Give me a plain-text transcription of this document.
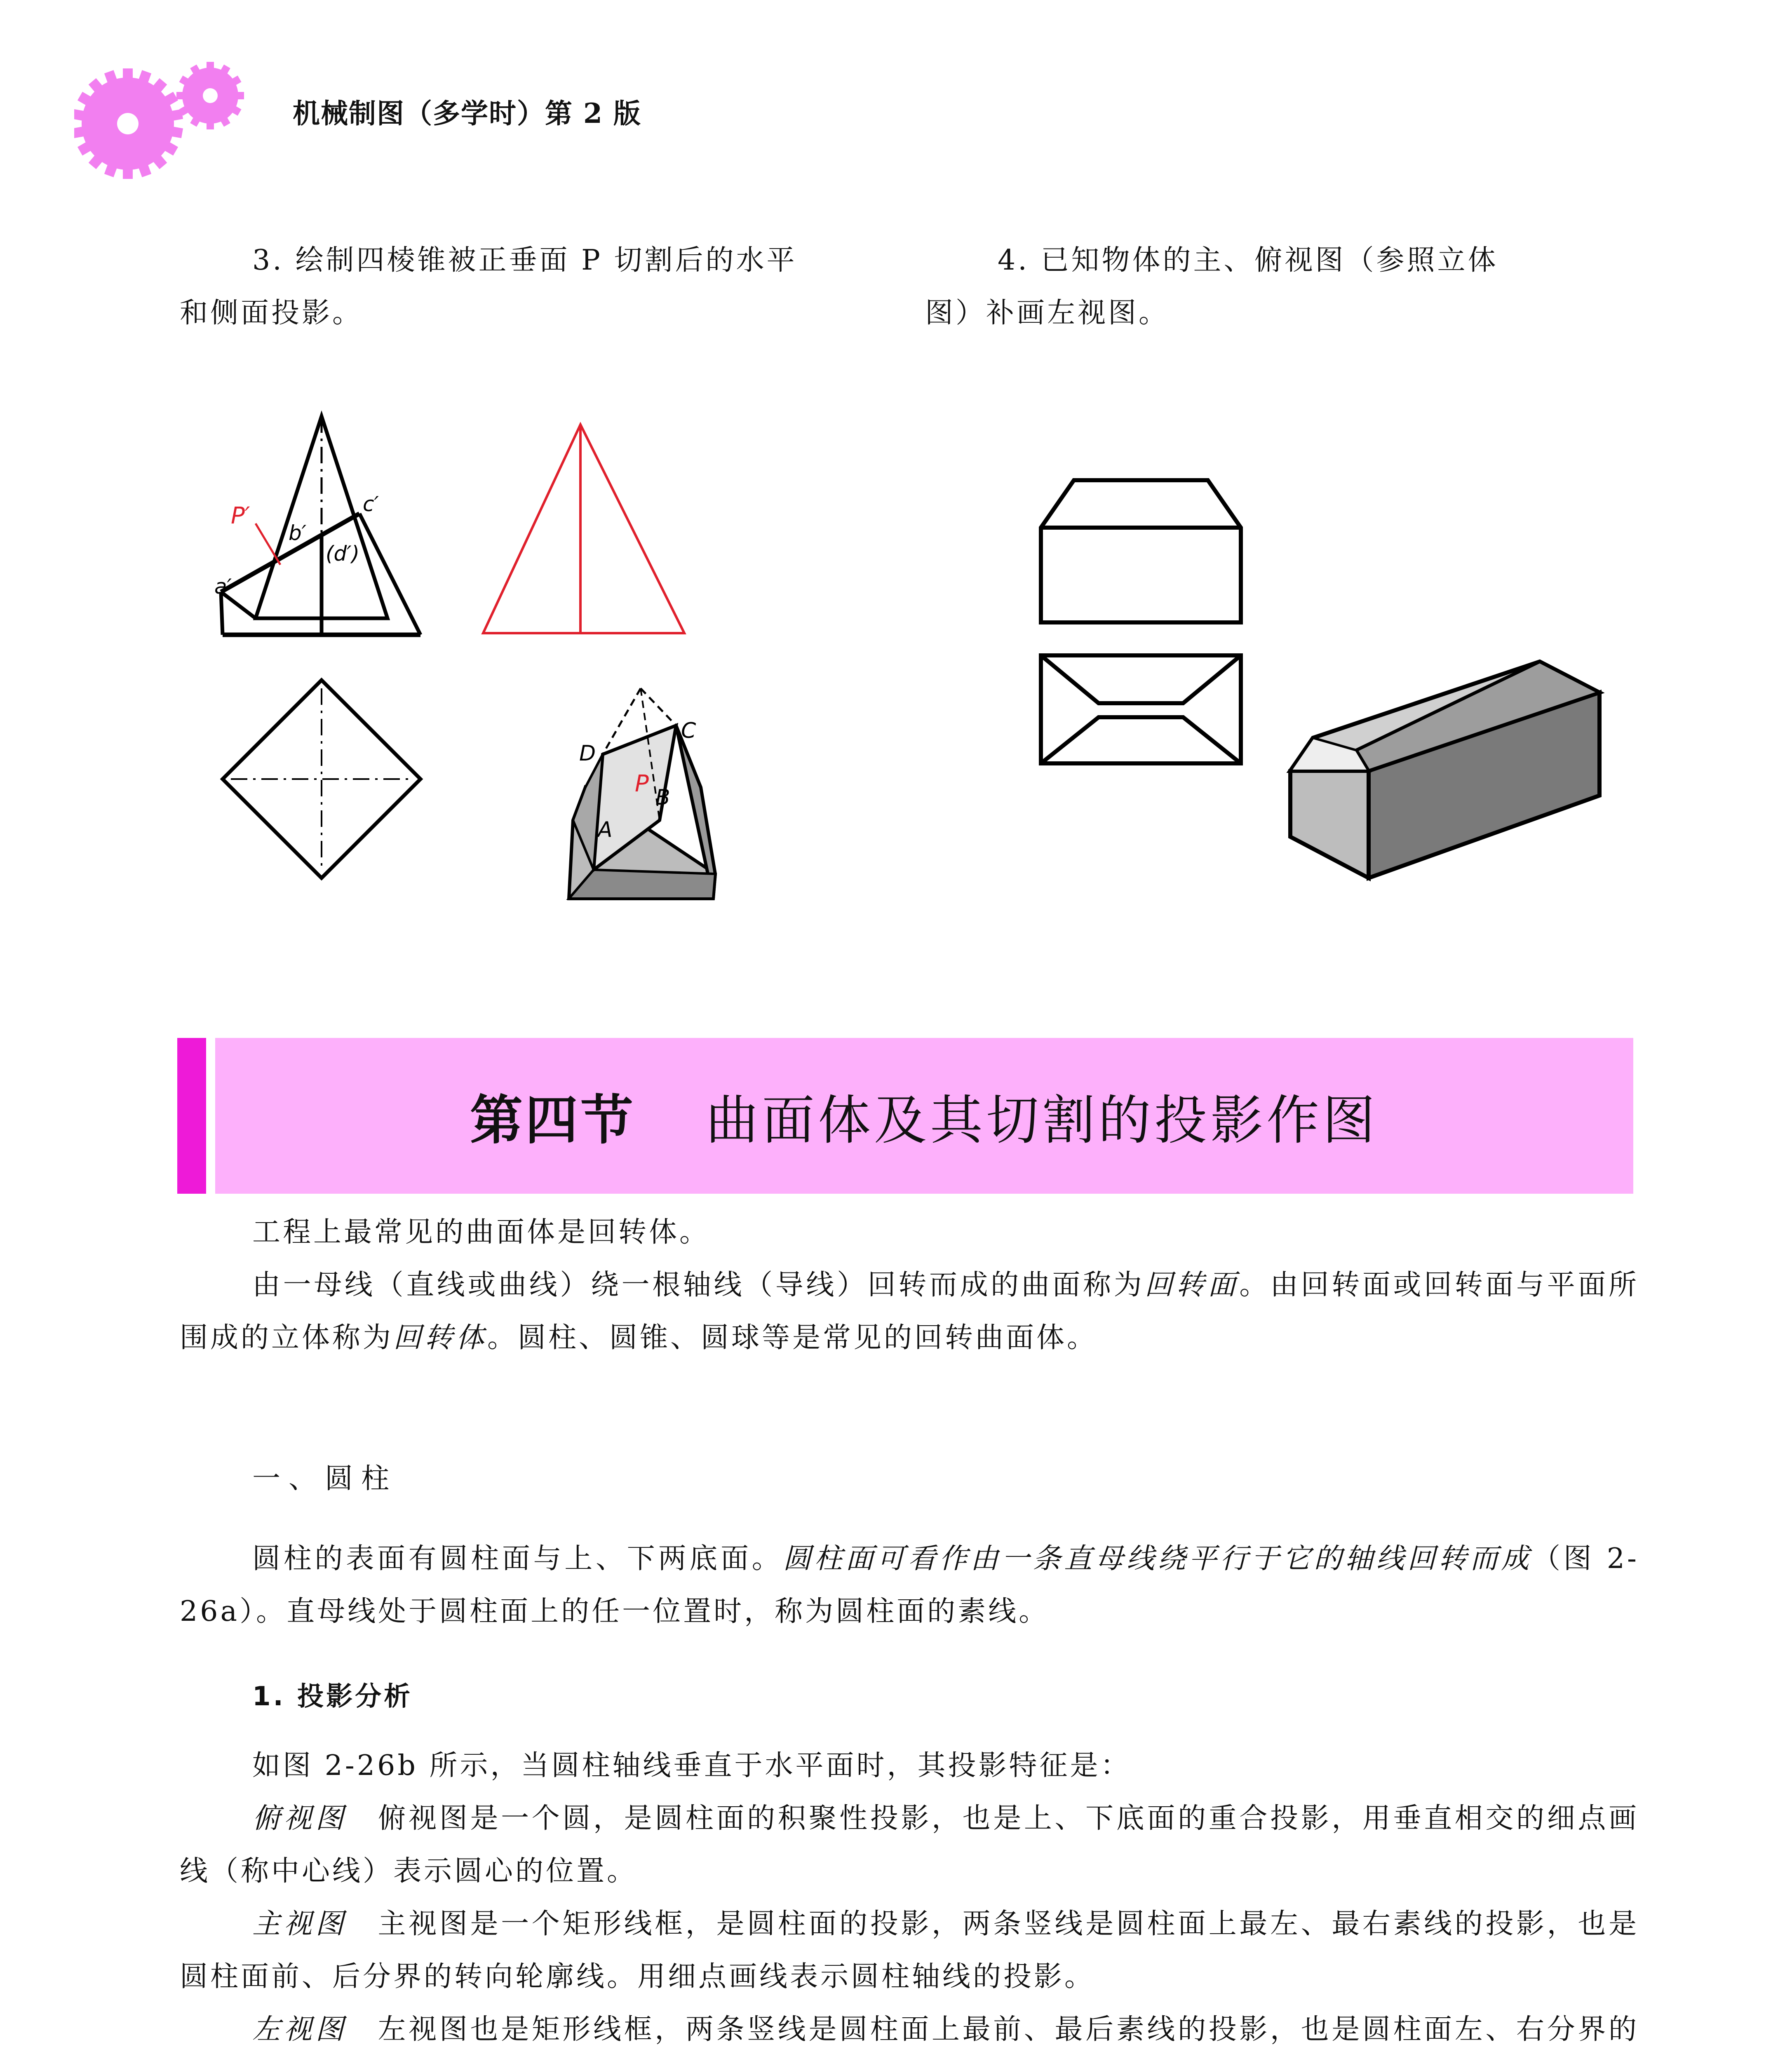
机械制图（多学时）第 2 版

3. 绘制四棱锥被正垂面 P 切割后的水平

和侧面投影。

4. 已知物体的主、俯视图（参照立体

图）补画左视图。

P′
a′
b′
c′
(d′)
D
C
P
B
A
第四节 曲面体及其切割的投影作图

工程上最常见的曲面体是回转体。

由一母线（直线或曲线）绕一根轴线（导线）回转而成的曲面称为回转面。由回转面或回转面与平面所围成的立体称为回转体。圆柱、圆锥、圆球等是常见的回转曲面体。

一、圆柱

圆柱的表面有圆柱面与上、下两底面。圆柱面可看作由一条直母线绕平行于它的轴线回转而成（图 2-26a）。直母线处于圆柱面上的任一位置时，称为圆柱面的素线。

1. 投影分析

如图 2-26b 所示，当圆柱轴线垂直于水平面时，其投影特征是：

俯视图　 俯视图是一个圆，是圆柱面的积聚性投影，也是上、下底面的重合投影，用垂直相交的细点画线（称中心线）表示圆心的位置。

主视图　 主视图是一个矩形线框，是圆柱面的投影，两条竖线是圆柱面上最左、最右素线的投影，也是圆柱面前、后分界的转向轮廓线。用细点画线表示圆柱轴线的投影。

左视图　 左视图也是矩形线框，两条竖线是圆柱面上最前、最后素线的投影，也是圆柱面左、右分界的
